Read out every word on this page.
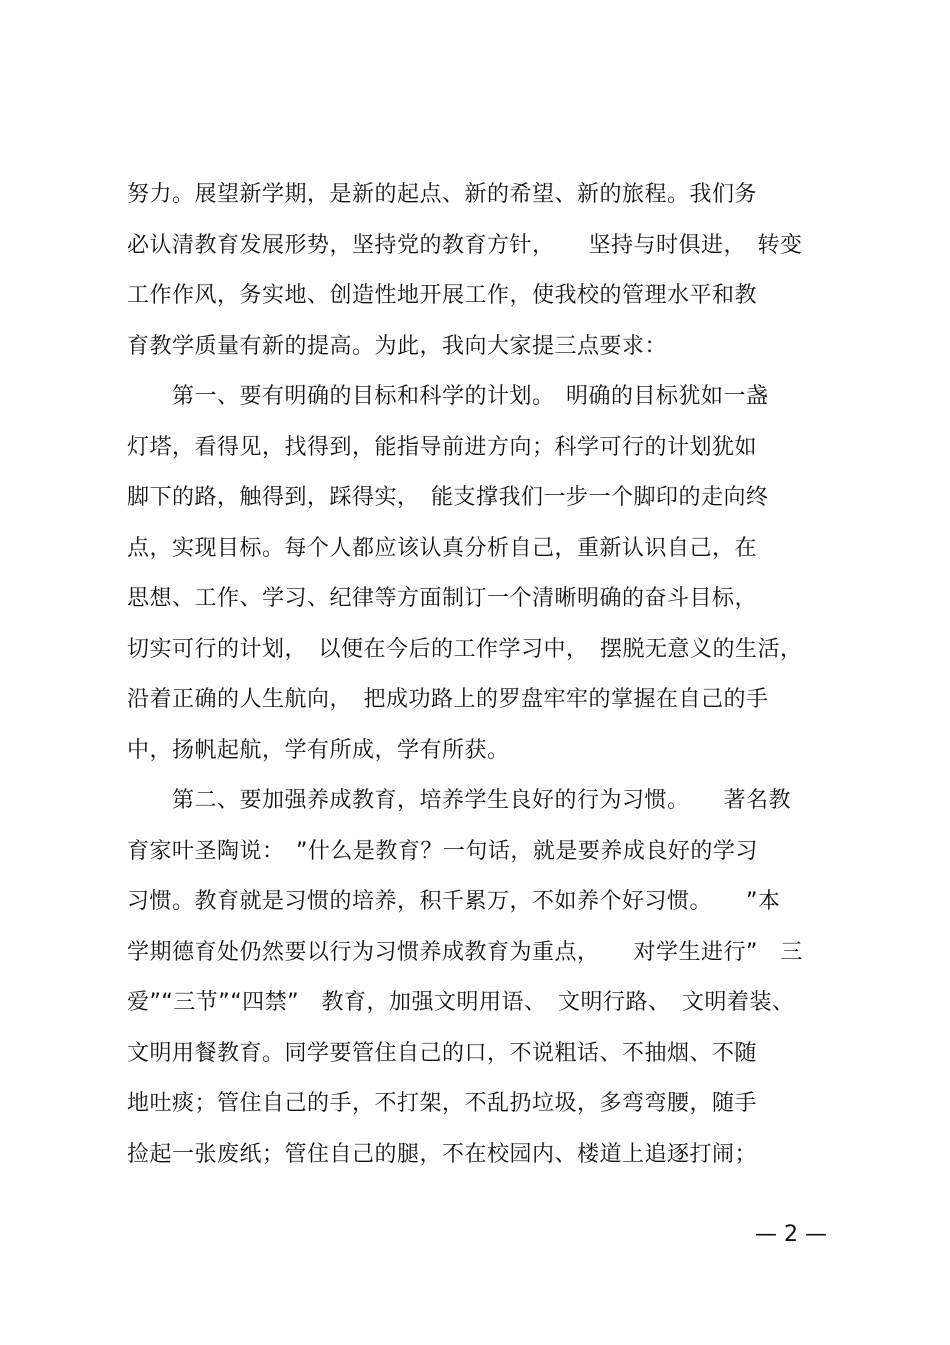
努力。展望新学期，是新的起点、新的希望、新的旅程。我们务
必认清教育发展形势，坚持党的教育方针，　　坚持与时俱进，　转变
工作作风，务实地、创造性地开展工作，使我校的管理水平和教
育教学质量有新的提高。为此，我向大家提三点要求：
　　第一、要有明确的目标和科学的计划。　明确的目标犹如一盏
灯塔，看得见，找得到，能指导前进方向；科学可行的计划犹如
脚下的路，触得到，踩得实，　能支撑我们一步一个脚印的走向终
点，实现目标。每个人都应该认真分析自己，重新认识自己，在
思想、工作、学习、纪律等方面制订一个清晰明确的奋斗目标，
切实可行的计划，　以便在今后的工作学习中，　摆脱无意义的生活，
沿着正确的人生航向，　把成功路上的罗盘牢牢的掌握在自己的手
中，扬帆起航，学有所成，学有所获。
　　第二、要加强养成教育，培养学生良好的行为习惯。　　著名教
育家叶圣陶说：　”什么是教育？一句话，就是要养成良好的学习
习惯。教育就是习惯的培养，积千累万，不如养个好习惯。　　”本
学期德育处仍然要以行为习惯养成教育为重点，　　对学生进行”　三
爱”“三节”“四禁”　教育，加强文明用语、　文明行路、　文明着装、
文明用餐教育。同学要管住自己的口，不说粗话、不抽烟、不随
地吐痰；管住自己的手，不打架，不乱扔垃圾，多弯弯腰，随手
捡起一张废纸；管住自己的腿，不在校园内、楼道上追逐打闹；
— 2 —
